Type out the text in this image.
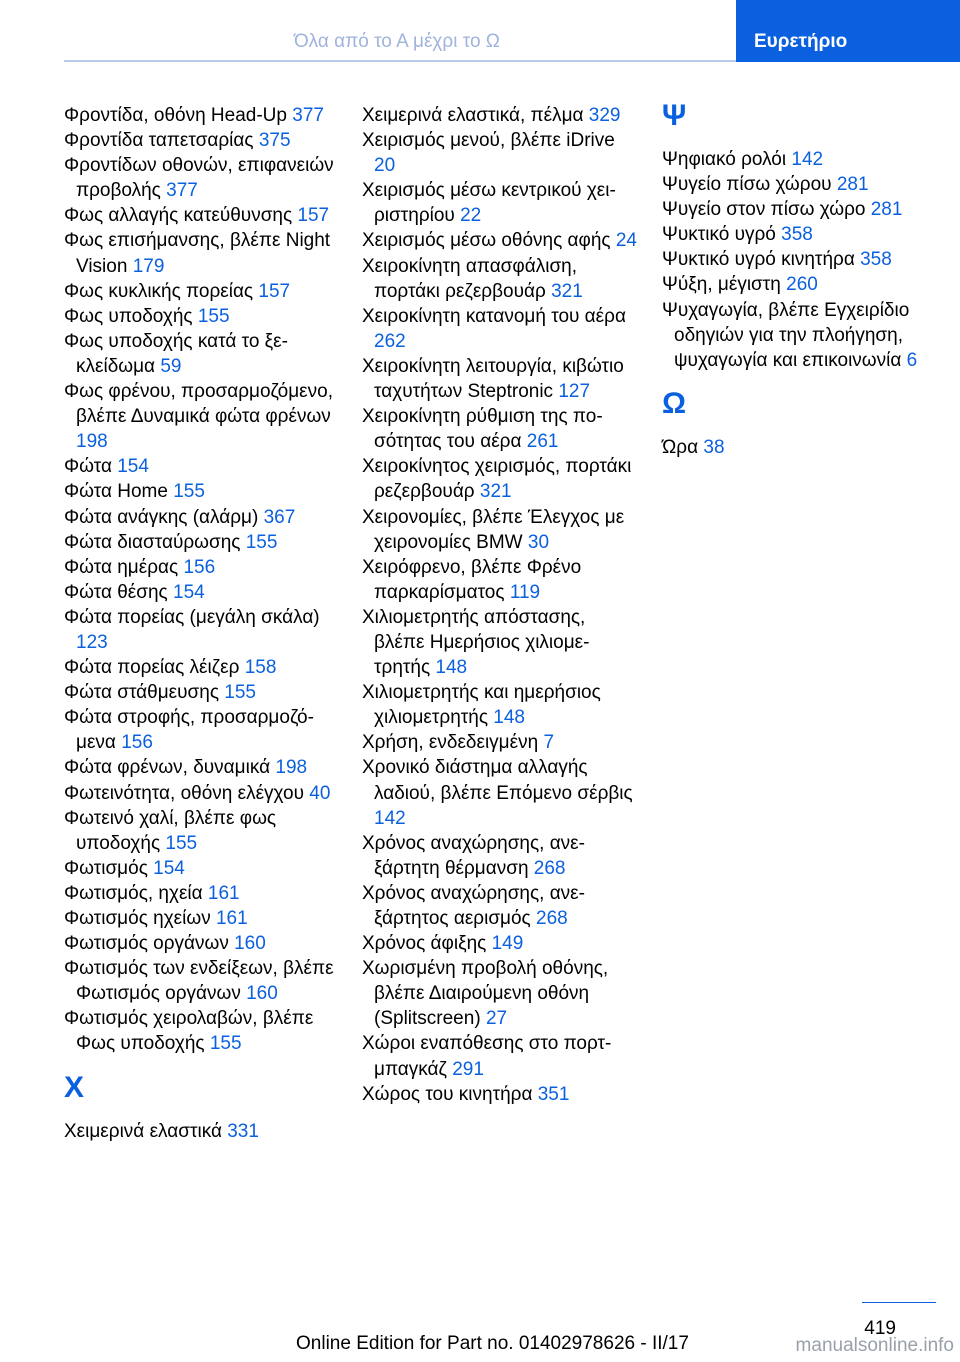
Όλα από το Α μέχρι το Ω	Ευρετήριο

Φροντίδα, οθόνη Head-Up 377

Φροντίδα ταπετσαρίας 375

Φροντίδων οθονών, επιφανειών προβολής 377

Φως αλλαγής κατεύθυνσης 157

Φως επισήμανσης, βλέπε Night Vision 179

Φως κυκλικής πορείας 157

Φως υποδοχής 155

Φως υποδοχής κατά το ξεκλείδωμα 59

Φως φρένου, προσαρμοζόμενο, βλέπε Δυναμικά φώτα φρένων 198

Φώτα 154

Φώτα Home 155

Φώτα ανάγκης (αλάρμ) 367

Φώτα διασταύρωσης 155

Φώτα ημέρας 156

Φώτα θέσης 154

Φώτα πορείας (μεγάλη σκάλα) 123

Φώτα πορείας λέιζερ 158

Φώτα στάθμευσης 155

Φώτα στροφής, προσαρμοζόμενα 156

Φώτα φρένων, δυναμικά 198

Φωτεινότητα, οθόνη ελέγχου 40

Φωτεινό χαλί, βλέπε φως υποδοχής 155

Φωτισμός 154

Φωτισμός, ηχεία 161

Φωτισμός ηχείων 161

Φωτισμός οργάνων 160

Φωτισμός των ενδείξεων, βλέπε Φωτισμός οργάνων 160

Φωτισμός χειρολαβών, βλέπε Φως υποδοχής 155

Χ

Χειμερινά ελαστικά 331

Χειμερινά ελαστικά, πέλμα 329

Χειρισμός μενού, βλέπε iDrive 20

Χειρισμός μέσω κεντρικού χειριστηρίου 22

Χειρισμός μέσω οθόνης αφής 24

Χειροκίνητη απασφάλιση, πορτάκι ρεζερβουάρ 321

Χειροκίνητη κατανομή του αέρα 262

Χειροκίνητη λειτουργία, κιβώτιο ταχυτήτων Steptronic 127

Χειροκίνητη ρύθμιση της ποσότητας του αέρα 261

Χειροκίνητος χειρισμός, πορτάκι ρεζερβουάρ 321

Χειρονομίες, βλέπε Έλεγχος με χειρονομίες BMW 30

Χειρόφρενο, βλέπε Φρένο παρκαρίσματος 119

Χιλιομετρητής απόστασης, βλέπε Ημερήσιος χιλιομετρητής 148

Χιλιομετρητής και ημερήσιος χιλιομετρητής 148

Χρήση, ενδεδειγμένη 7

Χρονικό διάστημα αλλαγής λαδιού, βλέπε Επόμενο σέρβις 142

Χρόνος αναχώρησης, ανεξάρτητη θέρμανση 268

Χρόνος αναχώρησης, ανεξάρτητος αερισμός 268

Χρόνος άφιξης 149

Χωρισμένη προβολή οθόνης, βλέπε Διαιρούμενη οθόνη (Splitscreen) 27

Χώροι εναπόθεσης στο πορτμπαγκάζ 291

Χώρος του κινητήρα 351

Ψ

Ψηφιακό ρολόι 142

Ψυγείο πίσω χώρου 281

Ψυγείο στον πίσω χώρο 281

Ψυκτικό υγρό 358

Ψυκτικό υγρό κινητήρα 358

Ψύξη, μέγιστη 260

Ψυχαγωγία, βλέπε Εγχειρίδιο οδηγιών για την πλοήγηση, ψυχαγωγία και επικοινωνία 6

Ω

Ώρα 38

419
Online Edition for Part no. 01402978626 - II/17	manualsonline.info
